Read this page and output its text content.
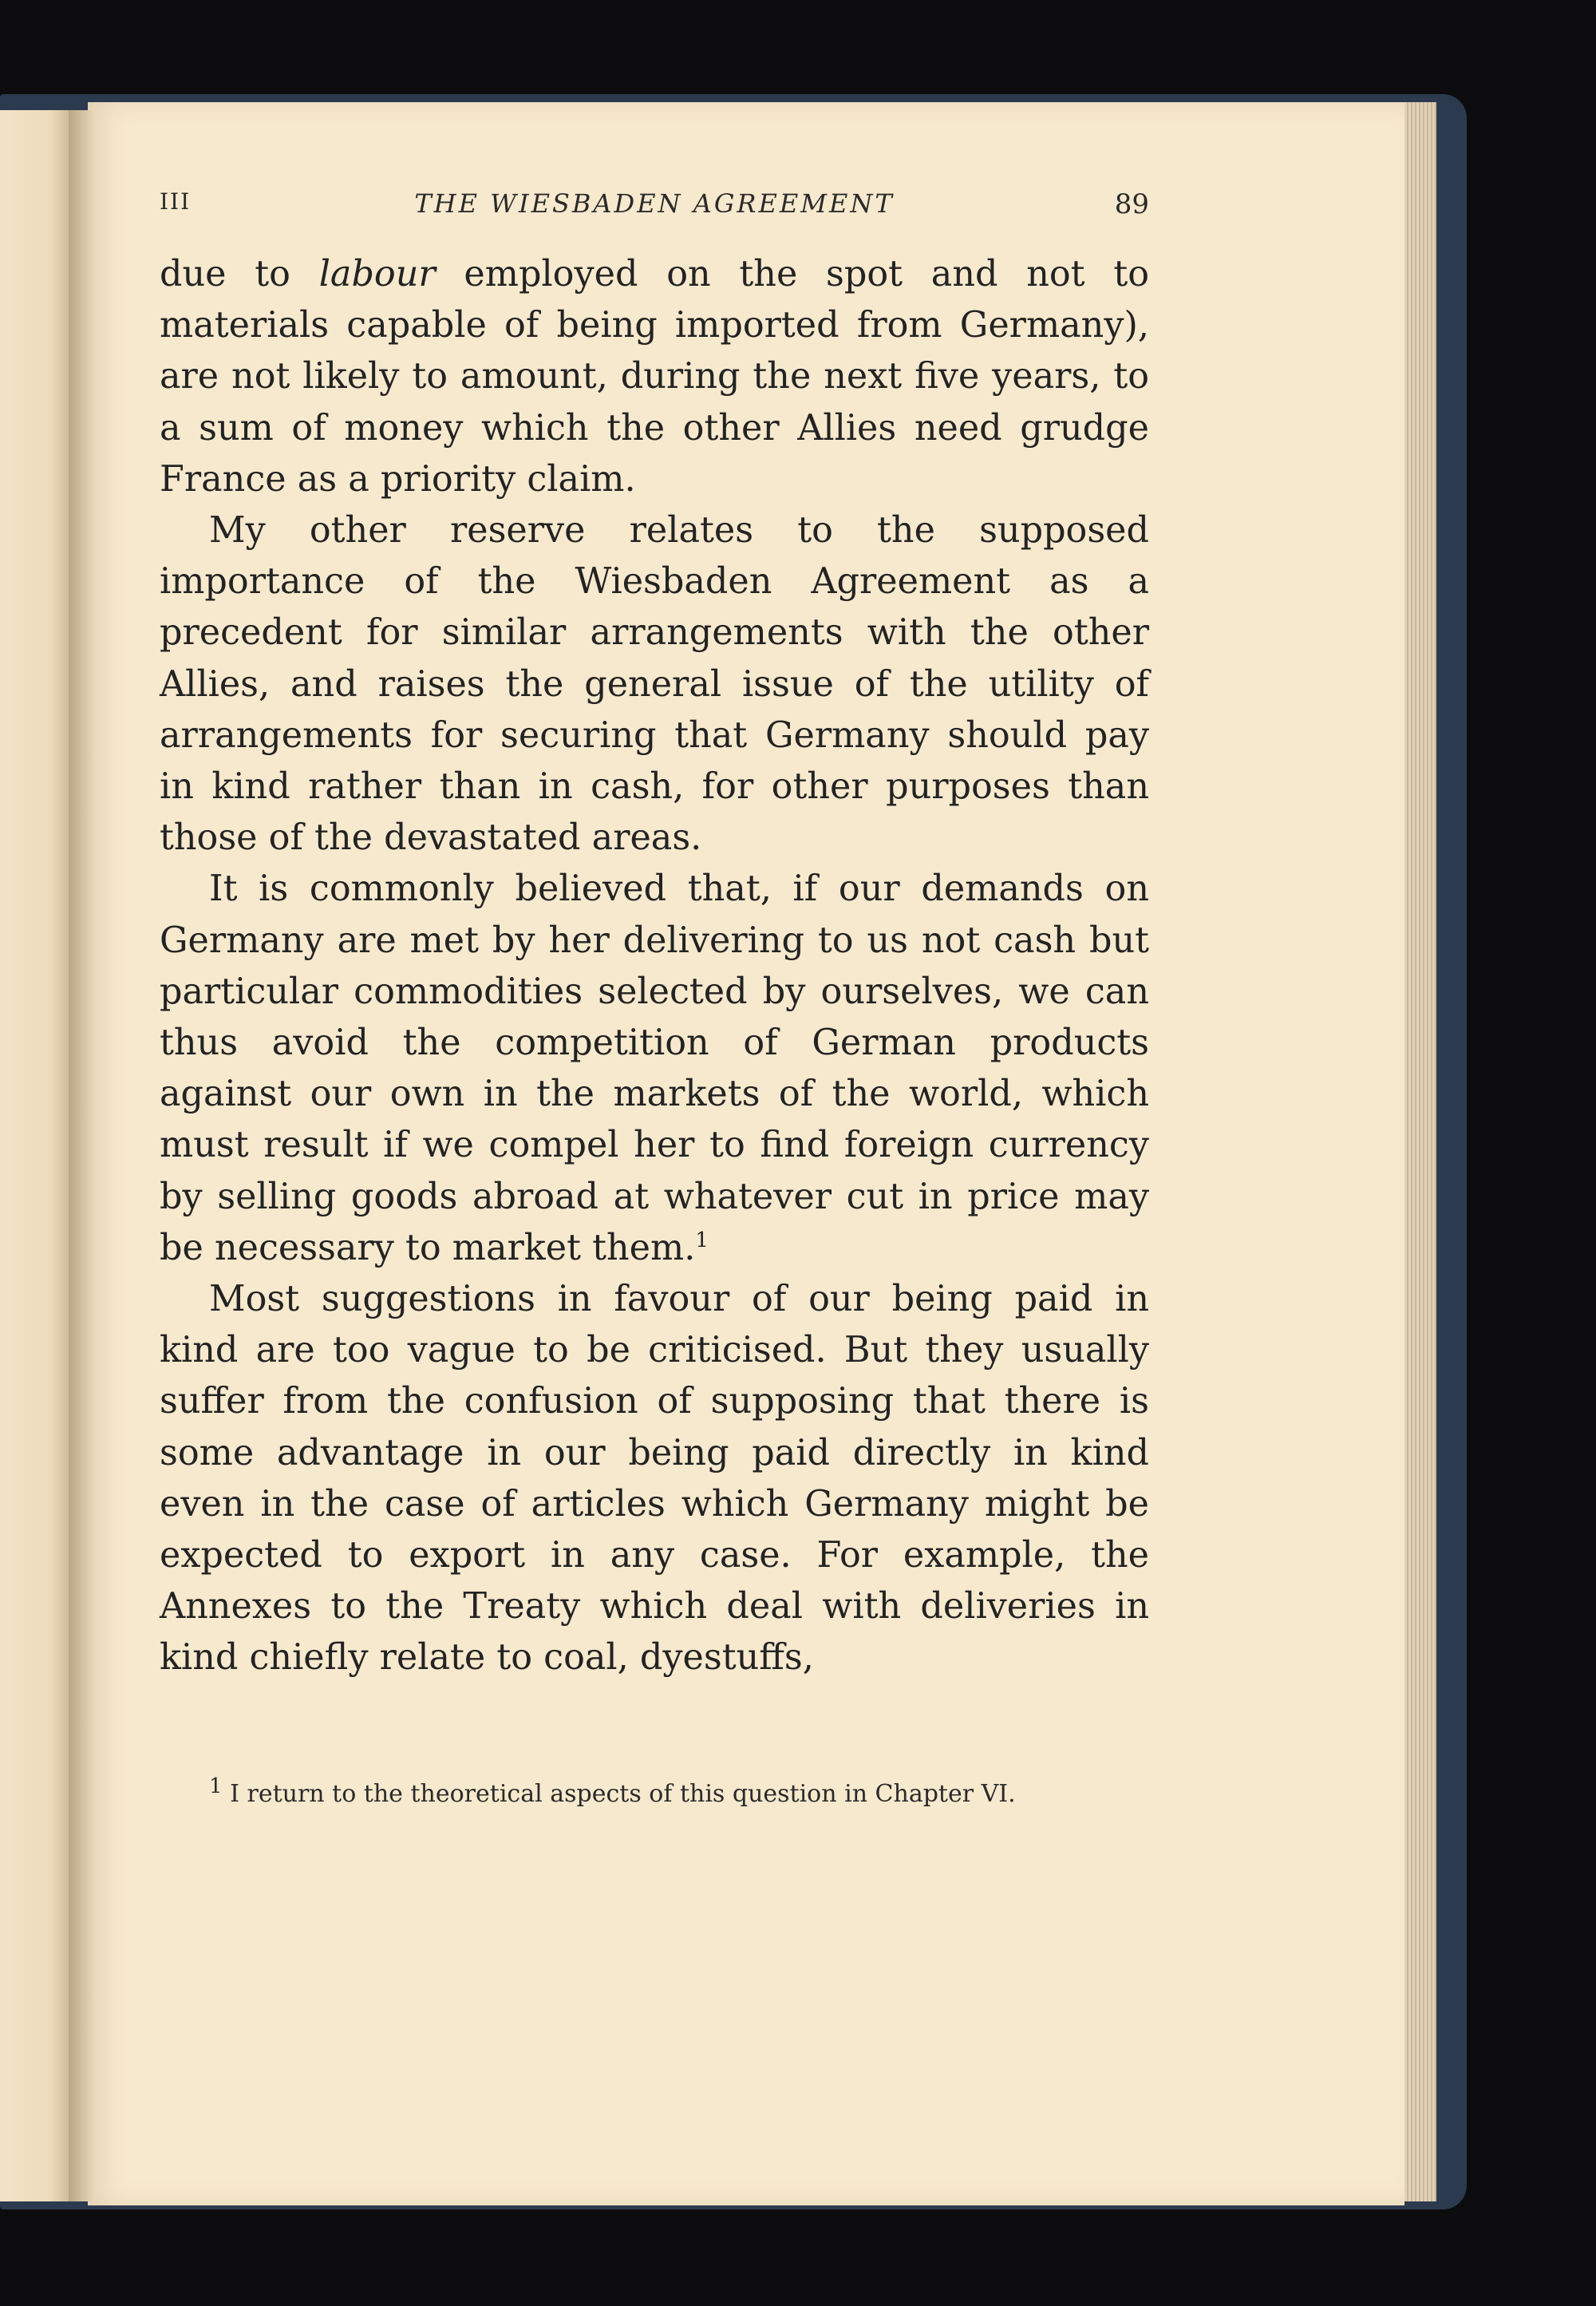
III	THE WIESBADEN AGREEMENT	89

due to labour employed on the spot and not to materials capable of being imported from Germany), are not likely to amount, during the next five years, to a sum of money which the other Allies need grudge France as a priority claim.

My other reserve relates to the supposed importance of the Wiesbaden Agreement as a precedent for similar arrangements with the other Allies, and raises the general issue of the utility of arrangements for securing that Germany should pay in kind rather than in cash, for other purposes than those of the devastated areas.

It is commonly believed that, if our demands on Germany are met by her delivering to us not cash but particular commodities selected by ourselves, we can thus avoid the competition of German products against our own in the markets of the world, which must result if we compel her to find foreign currency by selling goods abroad at whatever cut in price may be necessary to market them.$^1$

Most suggestions in favour of our being paid in kind are too vague to be criticised. But they usually suffer from the confusion of supposing that there is some advantage in our being paid directly in kind even in the case of articles which Germany might be expected to export in any case. For example, the Annexes to the Treaty which deal with deliveries in kind chiefly relate to coal, dyestuffs,

$^1$ I return to the theoretical aspects of this question in Chapter VI.
